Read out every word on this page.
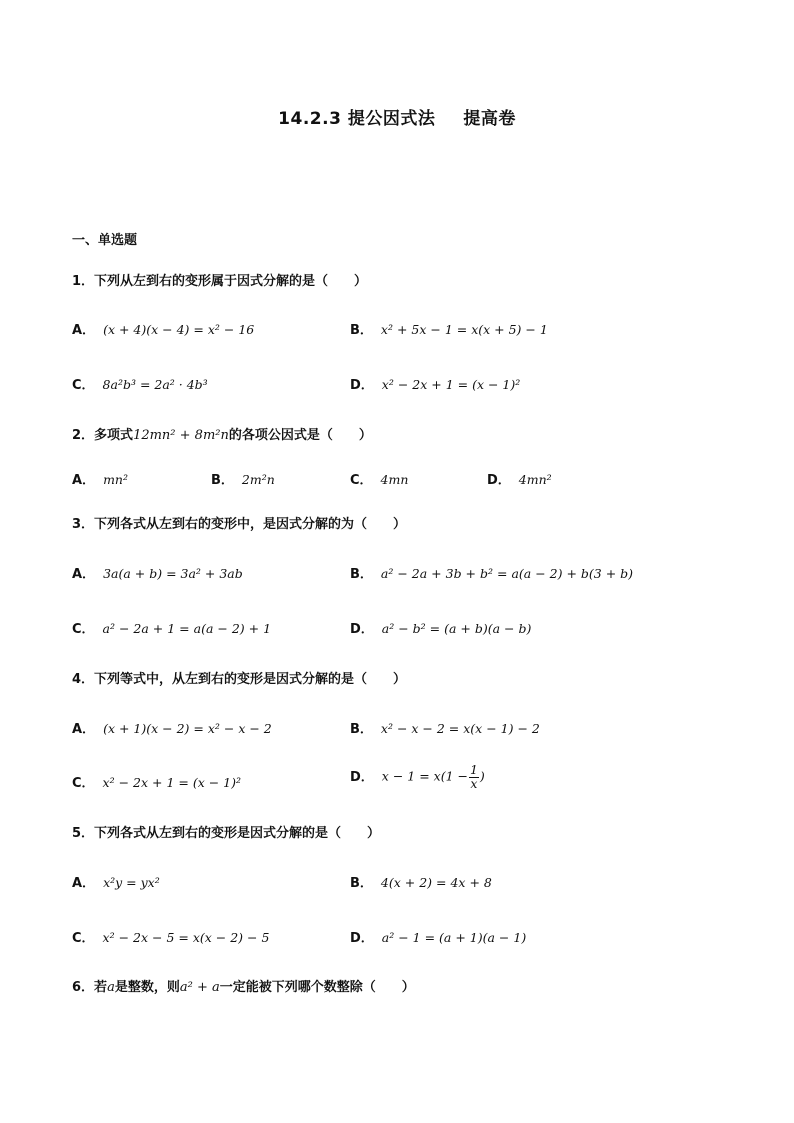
14.2.3 提公因式法 提高卷
一、单选题
1．下列从左到右的变形属于因式分解的是（　　）
A． (x + 4)(x − 4) = x² − 16	B． x² + 5x − 1 = x(x + 5) − 1
C． 8a²b³ = 2a² · 4b³	D． x² − 2x + 1 = (x − 1)²
2．多项式12mn² + 8m²n的各项公因式是（　　）
A． mn²	B． 2m²n	C． 4mn	D． 4mn²
3．下列各式从左到右的变形中，是因式分解的为（　　）
A． 3a(a + b) = 3a² + 3ab	B． a² − 2a + 3b + b² = a(a − 2) + b(3 + b)
C． a² − 2a + 1 = a(a − 2) + 1	D． a² − b² = (a + b)(a − b)
4．下列等式中，从左到右的变形是因式分解的是（　　）
A． (x + 1)(x − 2) = x² − x − 2	B． x² − x − 2 = x(x − 1) − 2
C． x² − 2x + 1 = (x − 1)²	D． $x - 1 = x(1 - \frac{1}{x}$ )
5．下列各式从左到右的变形是因式分解的是（　　）
A． x²y = yx²	B． 4(x + 2) = 4x + 8
C． x² − 2x − 5 = x(x − 2) − 5	D． a² − 1 = (a + 1)(a − 1)
6．若a是整数，则a² + a一定能被下列哪个数整除（　　）
